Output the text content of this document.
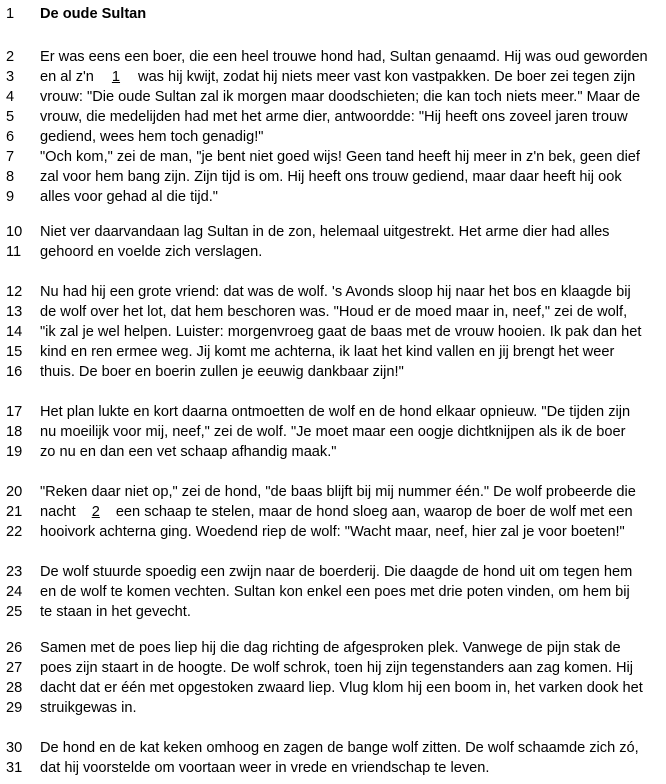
1	De oude Sultan
2	Er was eens een boer, die een heel trouwe hond had, Sultan genaamd. Hij was oud geworden
3	en al z'n 1 was hij kwijt, zodat hij niets meer vast kon vastpakken. De boer zei tegen zijn
4	vrouw: "Die oude Sultan zal ik morgen maar doodschieten; die kan toch niets meer." Maar de
5	vrouw, die medelijden had met het arme dier, antwoordde: "Hij heeft ons zoveel jaren trouw
6	gediend, wees hem toch genadig!"
7	"Och kom," zei de man, "je bent niet goed wijs! Geen tand heeft hij meer in z'n bek, geen dief
8	zal voor hem bang zijn. Zijn tijd is om. Hij heeft ons trouw gediend, maar daar heeft hij ook
9	alles voor gehad al die tijd."
10	Niet ver daarvandaan lag Sultan in de zon, helemaal uitgestrekt. Het arme dier had alles
11	gehoord en voelde zich verslagen.
12	Nu had hij een grote vriend: dat was de wolf. 's Avonds sloop hij naar het bos en klaagde bij
13	de wolf over het lot, dat hem beschoren was. "Houd er de moed maar in, neef," zei de wolf,
14	"ik zal je wel helpen. Luister: morgenvroeg gaat de baas met de vrouw hooien. Ik pak dan het
15	kind en ren ermee weg. Jij komt me achterna, ik laat het kind vallen en jij brengt het weer
16	thuis. De boer en boerin zullen je eeuwig dankbaar zijn!"
17	Het plan lukte en kort daarna ontmoetten de wolf en de hond elkaar opnieuw. "De tijden zijn
18	nu moeilijk voor mij, neef," zei de wolf. "Je moet maar een oogje dichtknijpen als ik de boer
19	zo nu en dan een vet schaap afhandig maak."
20	"Reken daar niet op," zei de hond, "de baas blijft bij mij nummer één." De wolf probeerde die
21	nacht 2 een schaap te stelen, maar de hond sloeg aan, waarop de boer de wolf met een
22	hooivork achterna ging. Woedend riep de wolf: "Wacht maar, neef, hier zal je voor boeten!"
23	De wolf stuurde spoedig een zwijn naar de boerderij. Die daagde de hond uit om tegen hem
24	en de wolf te komen vechten. Sultan kon enkel een poes met drie poten vinden, om hem bij
25	te staan in het gevecht.
26	Samen met de poes liep hij die dag richting de afgesproken plek. Vanwege de pijn stak de
27	poes zijn staart in de hoogte. De wolf schrok, toen hij zijn tegenstanders aan zag komen. Hij
28	dacht dat er één met opgestoken zwaard liep. Vlug klom hij een boom in, het varken dook het
29	struikgewas in.
30	De hond en de kat keken omhoog en zagen de bange wolf zitten. De wolf schaamde zich zó,
31	dat hij voorstelde om voortaan weer in vrede en vriendschap te leven.
